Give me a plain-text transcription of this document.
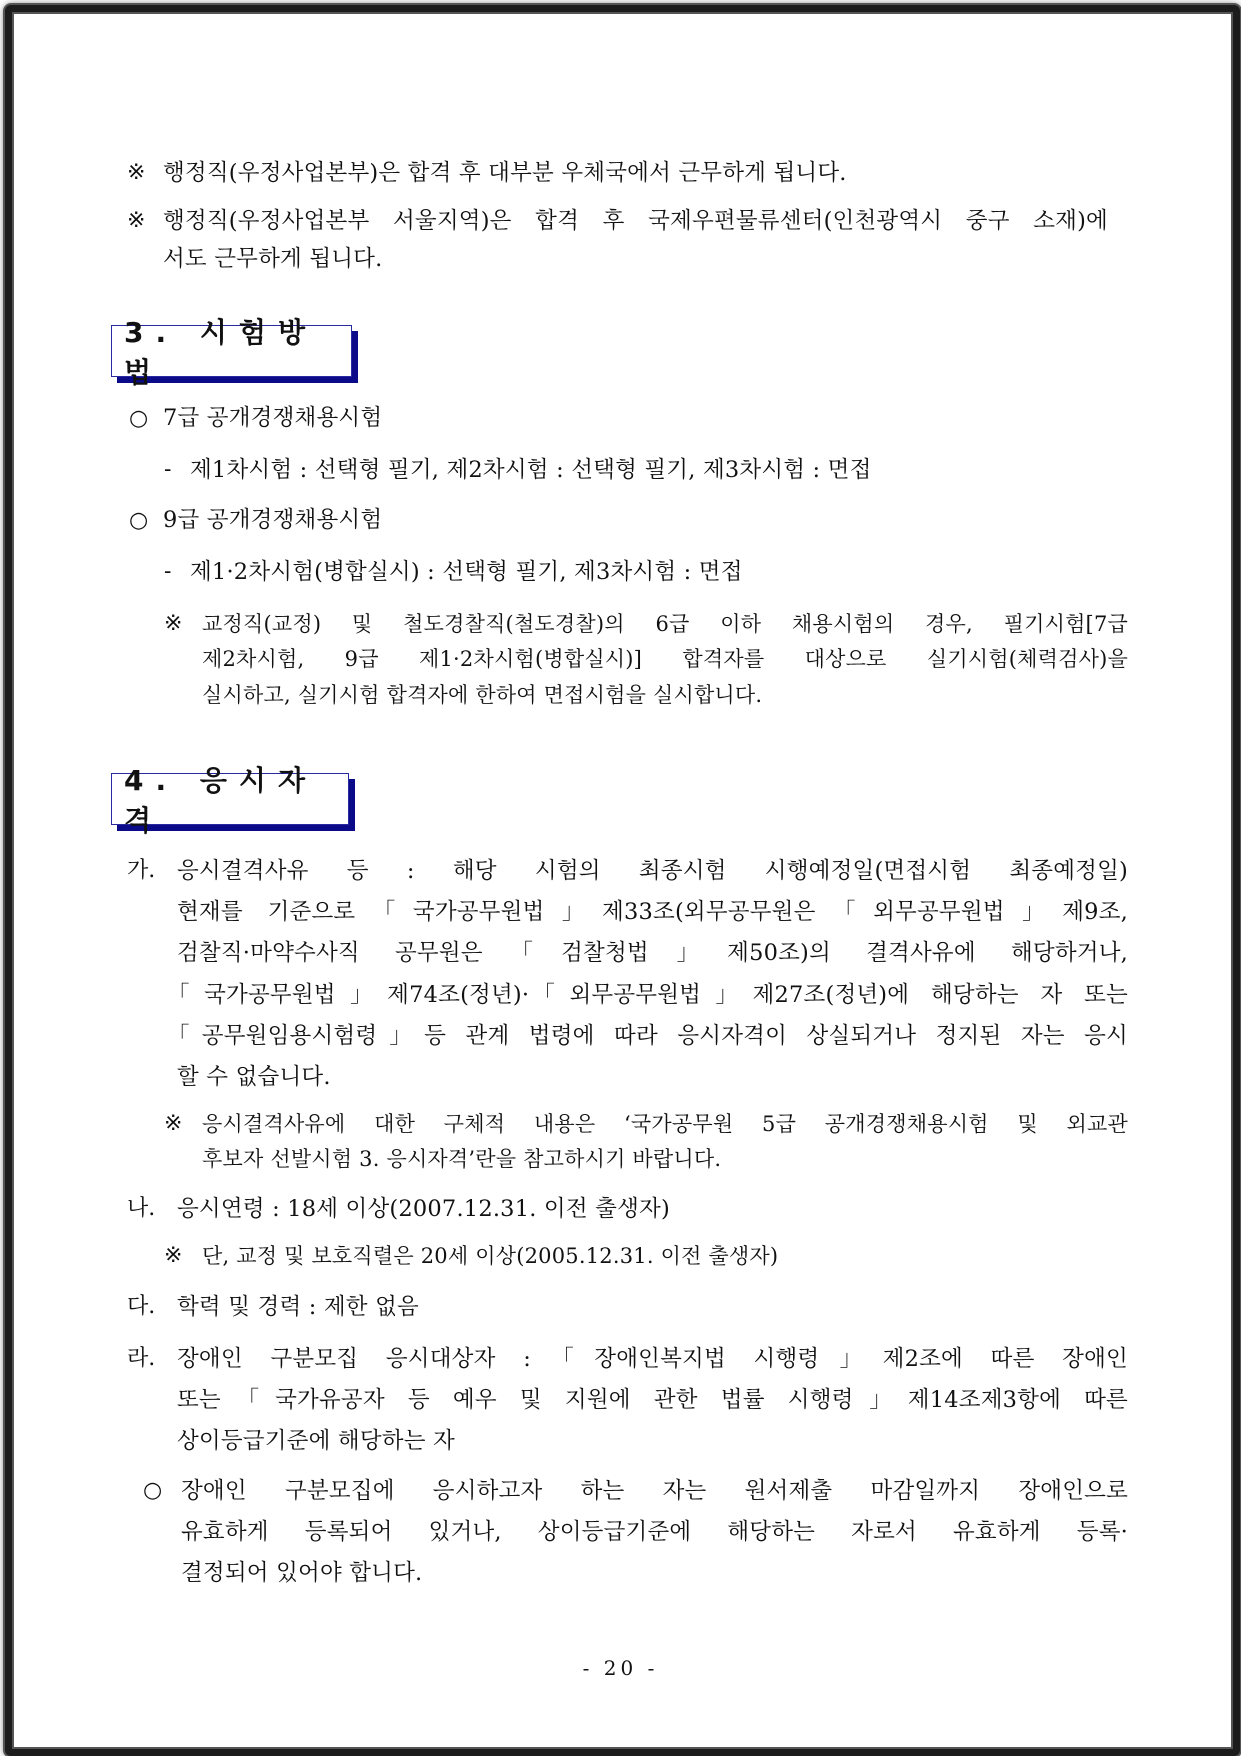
※ 행정직(우정사업본부)은 합격 후 대부분 우체국에서 근무하게 됩니다.
※ 행정직(우정사업본부 서울지역)은 합격 후 국제우편물류센터(인천광역시 중구 소재)에
서도 근무하게 됩니다.
3. 시험방법
○ 7급 공개경쟁채용시험
- 제1차시험 : 선택형 필기, 제2차시험 : 선택형 필기, 제3차시험 : 면접
○ 9급 공개경쟁채용시험
- 제1·2차시험(병합실시) : 선택형 필기, 제3차시험 : 면접
※ 교정직(교정) 및 철도경찰직(철도경찰)의 6급 이하 채용시험의 경우, 필기시험[7급
제2차시험, 9급 제1·2차시험(병합실시)] 합격자를 대상으로 실기시험(체력검사)을
실시하고, 실기시험 합격자에 한하여 면접시험을 실시합니다.
4. 응시자격
가. 응시결격사유 등 : 해당 시험의 최종시험 시행예정일(면접시험 최종예정일)
현재를 기준으로「국가공무원법」제33조(외무공무원은「외무공무원법」제9조,
검찰직·마약수사직 공무원은「검찰청법」제50조)의 결격사유에 해당하거나,
「국가공무원법」제74조(정년)·「외무공무원법」제27조(정년)에 해당하는 자 또는
「공무원임용시험령」등 관계 법령에 따라 응시자격이 상실되거나 정지된 자는 응시
할 수 없습니다.
※ 응시결격사유에 대한 구체적 내용은 ‘국가공무원 5급 공개경쟁채용시험 및 외교관
후보자 선발시험 3. 응시자격’란을 참고하시기 바랍니다.
나. 응시연령 : 18세 이상(2007.12.31. 이전 출생자)
※ 단, 교정 및 보호직렬은 20세 이상(2005.12.31. 이전 출생자)
다. 학력 및 경력 : 제한 없음
라. 장애인 구분모집 응시대상자 :「장애인복지법 시행령」제2조에 따른 장애인
또는「국가유공자 등 예우 및 지원에 관한 법률 시행령」제14조제3항에 따른
상이등급기준에 해당하는 자
○ 장애인 구분모집에 응시하고자 하는 자는 원서제출 마감일까지 장애인으로
유효하게 등록되어 있거나, 상이등급기준에 해당하는 자로서 유효하게 등록·
결정되어 있어야 합니다.
- 20 -
